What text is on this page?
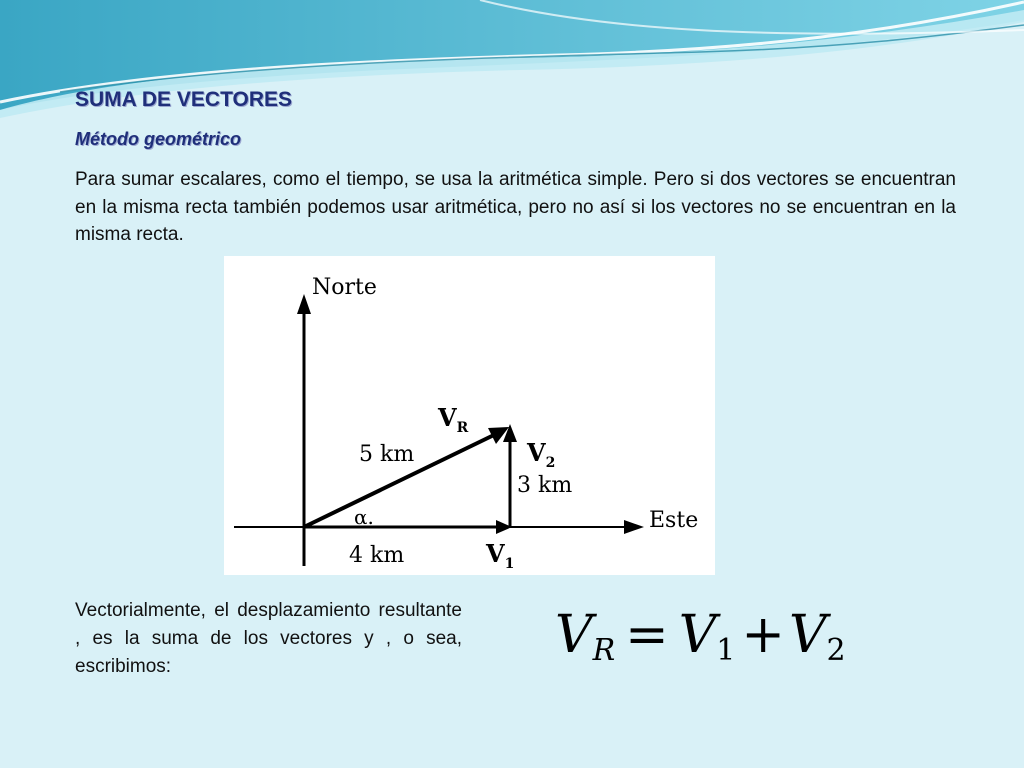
SUMA DE VECTORES
Método geométrico
Para sumar escalares, como el tiempo, se usa la aritmética simple. Pero si dos vectores se encuentran en la misma recta también podemos usar aritmética, pero no así si los vectores no se encuentran en la misma recta.
Norte
Este
$V_R$
5 km	$V_2$
3 km
α.
4 km	$V_1$
Vectorialmente, el desplazamiento resultante , es la suma de los vectores y , o sea, escribimos:
VR = V1 +V2
